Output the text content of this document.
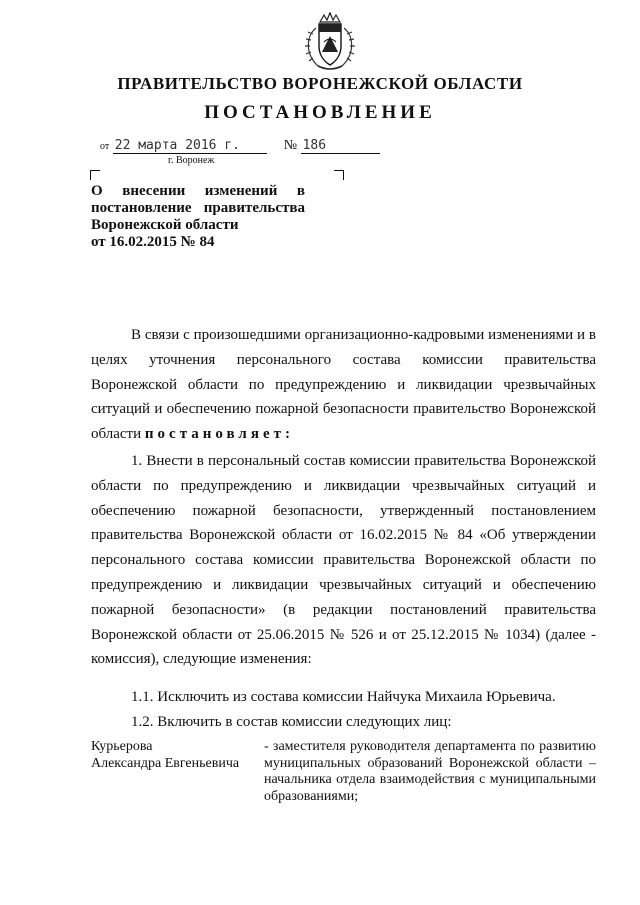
ПРАВИТЕЛЬСТВО ВОРОНЕЖСКОЙ ОБЛАСТИ
ПОСТАНОВЛЕНИЕ
от 22 марта 2016 г.	№ 186
г. Воронеж
О внесении изменений в
постановление правительства
Воронежской области
от 16.02.2015 № 84

В связи с произошедшими организационно-кадровыми изменениями и в целях уточнения персонального состава комиссии правительства Воронежской области по предупреждению и ликвидации чрезвычайных ситуаций и обеспечению пожарной безопасности правительство Воронежской области постановляет:

1. Внести в персональный состав комиссии правительства Воронежской области по предупреждению и ликвидации чрезвычайных ситуаций и обеспечению пожарной безопасности, утвержденный постановлением правительства Воронежской области от 16.02.2015 № 84 «Об утверждении персонального состава комиссии правительства Воронежской области по предупреждению и ликвидации чрезвычайных ситуаций и обеспечению пожарной безопасности» (в редакции постановлений правительства Воронежской области от 25.06.2015 № 526 и от 25.12.2015 № 1034) (далее - комиссия), следующие изменения:

1.1. Исключить из состава комиссии Найчука Михаила Юрьевича.

1.2. Включить в состав комиссии следующих лиц:

Курьерова
Александра Евгеньевича
- заместителя руководителя департамента по развитию муниципальных образований Воронежской области – начальника отдела взаимодействия с муниципальными образованиями;
